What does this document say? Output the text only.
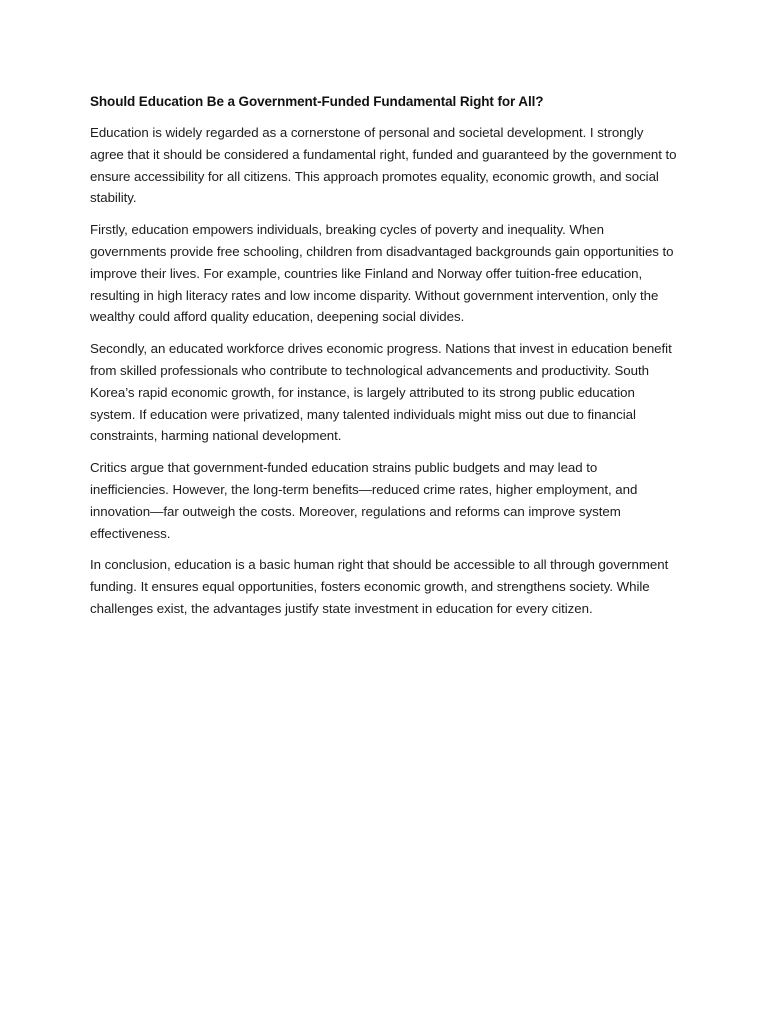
Should Education Be a Government-Funded Fundamental Right for All?

Education is widely regarded as a cornerstone of personal and societal development. I strongly agree that it should be considered a fundamental right, funded and guaranteed by the government to ensure accessibility for all citizens. This approach promotes equality, economic growth, and social stability.

Firstly, education empowers individuals, breaking cycles of poverty and inequality. When governments provide free schooling, children from disadvantaged backgrounds gain opportunities to improve their lives. For example, countries like Finland and Norway offer tuition-free education, resulting in high literacy rates and low income disparity. Without government intervention, only the wealthy could afford quality education, deepening social divides.

Secondly, an educated workforce drives economic progress. Nations that invest in education benefit from skilled professionals who contribute to technological advancements and productivity. South Korea’s rapid economic growth, for instance, is largely attributed to its strong public education system. If education were privatized, many talented individuals might miss out due to financial constraints, harming national development.

Critics argue that government-funded education strains public budgets and may lead to inefficiencies. However, the long-term benefits—reduced crime rates, higher employment, and innovation—far outweigh the costs. Moreover, regulations and reforms can improve system effectiveness.

In conclusion, education is a basic human right that should be accessible to all through government funding. It ensures equal opportunities, fosters economic growth, and strengthens society. While challenges exist, the advantages justify state investment in education for every citizen.
